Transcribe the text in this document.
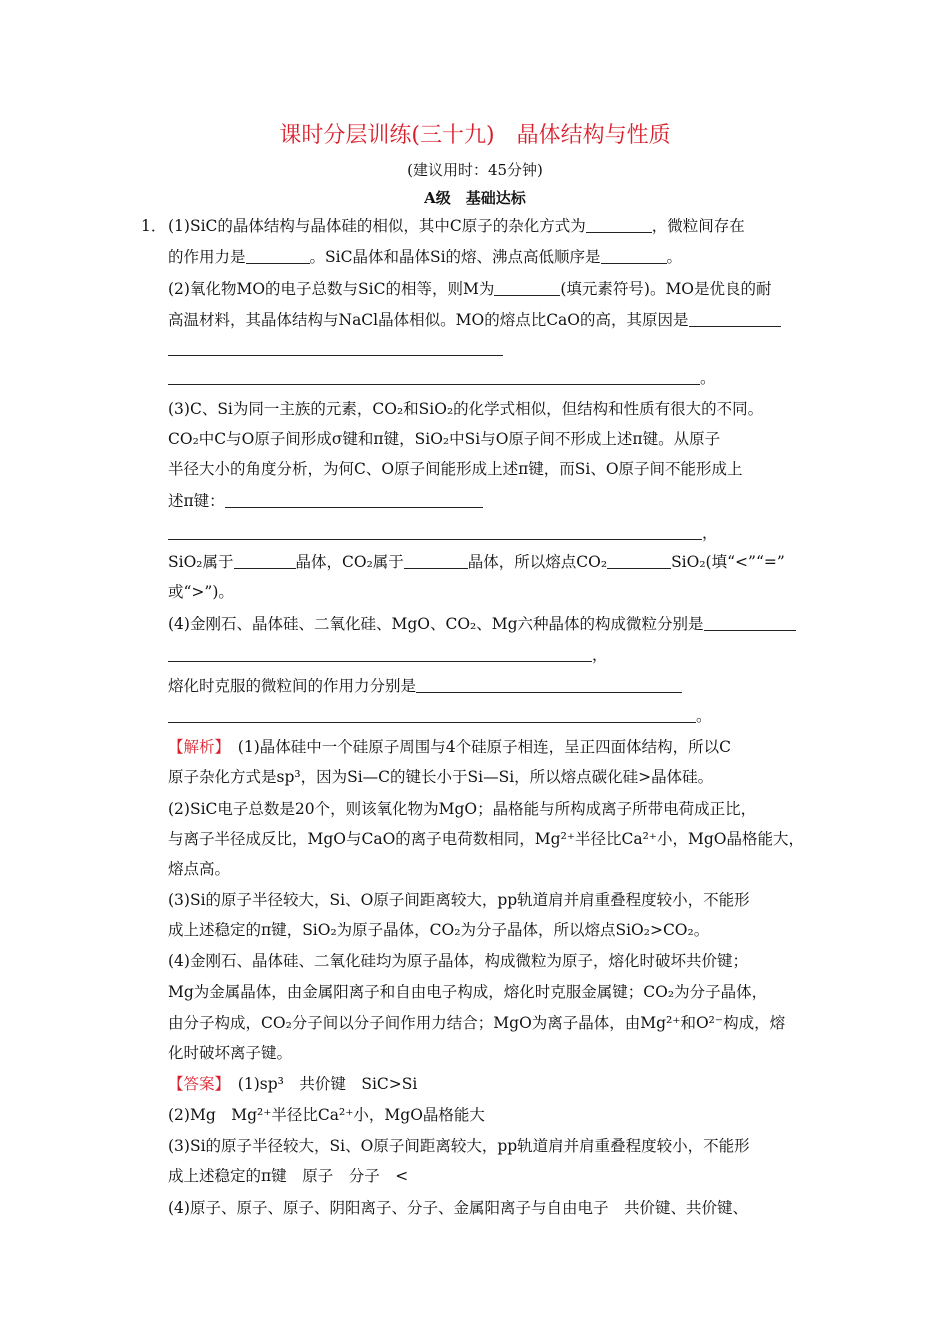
课时分层训练(三十九) 晶体结构与性质
(建议用时：45分钟)
A级　基础达标
1． (1)SiC的晶体结构与晶体硅的相似，其中C原子的杂化方式为	，微粒间存在
的作用力是	。SiC晶体和晶体Si的熔、沸点高低顺序是	。
(2)氧化物MO的电子总数与SiC的相等，则M为	(填元素符号)。MO是优良的耐
高温材料，其晶体结构与NaCl晶体相似。MO的熔点比CaO的高，其原因是
。
(3)C、Si为同一主族的元素，CO₂和SiO₂的化学式相似，但结构和性质有很大的不同。
CO₂中C与O原子间形成σ键和π键，SiO₂中Si与O原子间不形成上述π键。从原子
半径大小的角度分析，为何C、O原子间能形成上述π键，而Si、O原子间不能形成上
述π键：
，
SiO₂属于	晶体，CO₂属于	晶体，所以熔点CO₂	SiO₂(填“<”“=”
或“>”)。
(4)金刚石、晶体硅、二氧化硅、MgO、CO₂、Mg六种晶体的构成微粒分别是
，
熔化时克服的微粒间的作用力分别是
。
【解析】　 (1)晶体硅中一个硅原子周围与4个硅原子相连，呈正四面体结构，所以C
原子杂化方式是sp³，因为Si—C的键长小于Si—Si，所以熔点碳化硅>晶体硅。
(2)SiC电子总数是20个，则该氧化物为MgO；晶格能与所构成离子所带电荷成正比，
与离子半径成反比，MgO与CaO的离子电荷数相同，Mg²⁺半径比Ca²⁺小，MgO晶格能大，
熔点高。
(3)Si的原子半径较大，Si、O原子间距离较大，pp轨道肩并肩重叠程度较小，不能形
成上述稳定的π键，SiO₂为原子晶体，CO₂为分子晶体，所以熔点SiO₂>CO₂。
(4)金刚石、晶体硅、二氧化硅均为原子晶体，构成微粒为原子，熔化时破坏共价键；
Mg为金属晶体，由金属阳离子和自由电子构成，熔化时克服金属键；CO₂为分子晶体，
由分子构成，CO₂分子间以分子间作用力结合；MgO为离子晶体，由Mg²⁺和O²⁻构成，熔
化时破坏离子键。
【答案】　 (1)sp³　共价键　SiC>Si
(2)Mg　Mg²⁺半径比Ca²⁺小，MgO晶格能大
(3)Si的原子半径较大，Si、O原子间距离较大，pp轨道肩并肩重叠程度较小，不能形
成上述稳定的π键　原子　分子　<
(4)原子、原子、原子、阴阳离子、分子、金属阳离子与自由电子　共价键、共价键、
